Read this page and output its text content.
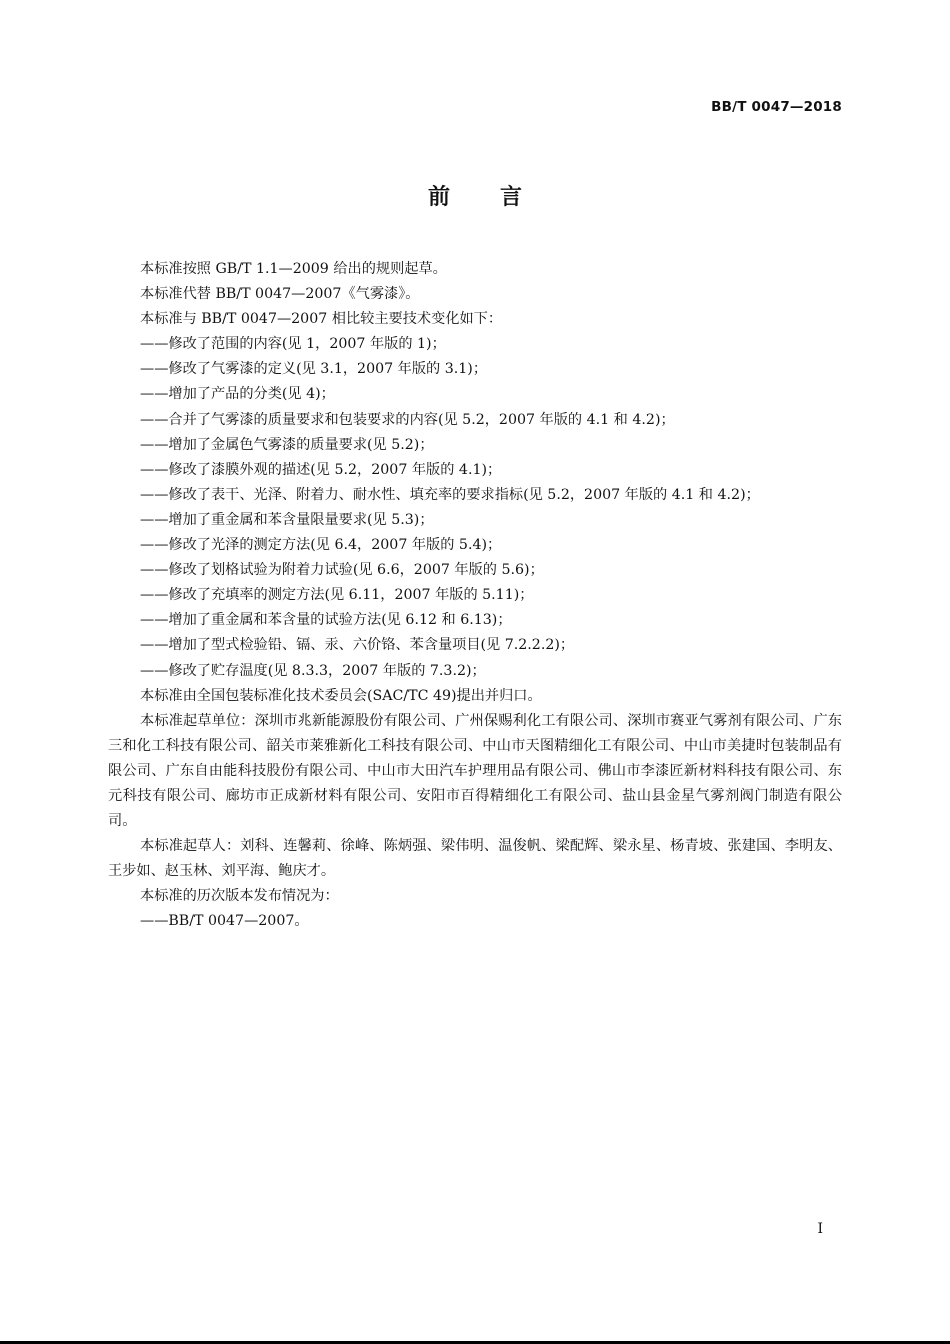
BB/T 0047—2018
前言
本标准按照 GB/T 1.1—2009 给出的规则起草。
本标准代替 BB/T 0047—2007《气雾漆》。
本标准与 BB/T 0047—2007 相比较主要技术变化如下：
——修改了范围的内容(见 1，2007 年版的 1)；
——修改了气雾漆的定义(见 3.1，2007 年版的 3.1)；
——增加了产品的分类(见 4)；
——合并了气雾漆的质量要求和包装要求的内容(见 5.2，2007 年版的 4.1 和 4.2)；
——增加了金属色气雾漆的质量要求(见 5.2)；
——修改了漆膜外观的描述(见 5.2，2007 年版的 4.1)；
——修改了表干、光泽、附着力、耐水性、填充率的要求指标(见 5.2，2007 年版的 4.1 和 4.2)；
——增加了重金属和苯含量限量要求(见 5.3)；
——修改了光泽的测定方法(见 6.4，2007 年版的 5.4)；
——修改了划格试验为附着力试验(见 6.6，2007 年版的 5.6)；
——修改了充填率的测定方法(见 6.11，2007 年版的 5.11)；
——增加了重金属和苯含量的试验方法(见 6.12 和 6.13)；
——增加了型式检验铅、镉、汞、六价铬、苯含量项目(见 7.2.2.2)；
——修改了贮存温度(见 8.3.3，2007 年版的 7.3.2)；
本标准由全国包装标准化技术委员会(SAC/TC 49)提出并归口。
本标准起草单位：深圳市兆新能源股份有限公司、广州保赐利化工有限公司、深圳市赛亚气雾剂有限公司、广东三和化工科技有限公司、韶关市莱雅新化工科技有限公司、中山市天图精细化工有限公司、中山市美捷时包装制品有限公司、广东自由能科技股份有限公司、中山市大田汽车护理用品有限公司、佛山市李漆匠新材料科技有限公司、东元科技有限公司、廊坊市正成新材料有限公司、安阳市百得精细化工有限公司、盐山县金星气雾剂阀门制造有限公司。
本标准起草人：刘科、连馨莉、徐峰、陈炳强、梁伟明、温俊帆、梁配辉、梁永星、杨青坡、张建国、李明友、王步如、赵玉林、刘平海、鲍庆才。
本标准的历次版本发布情况为：
——BB/T 0047—2007。
I
